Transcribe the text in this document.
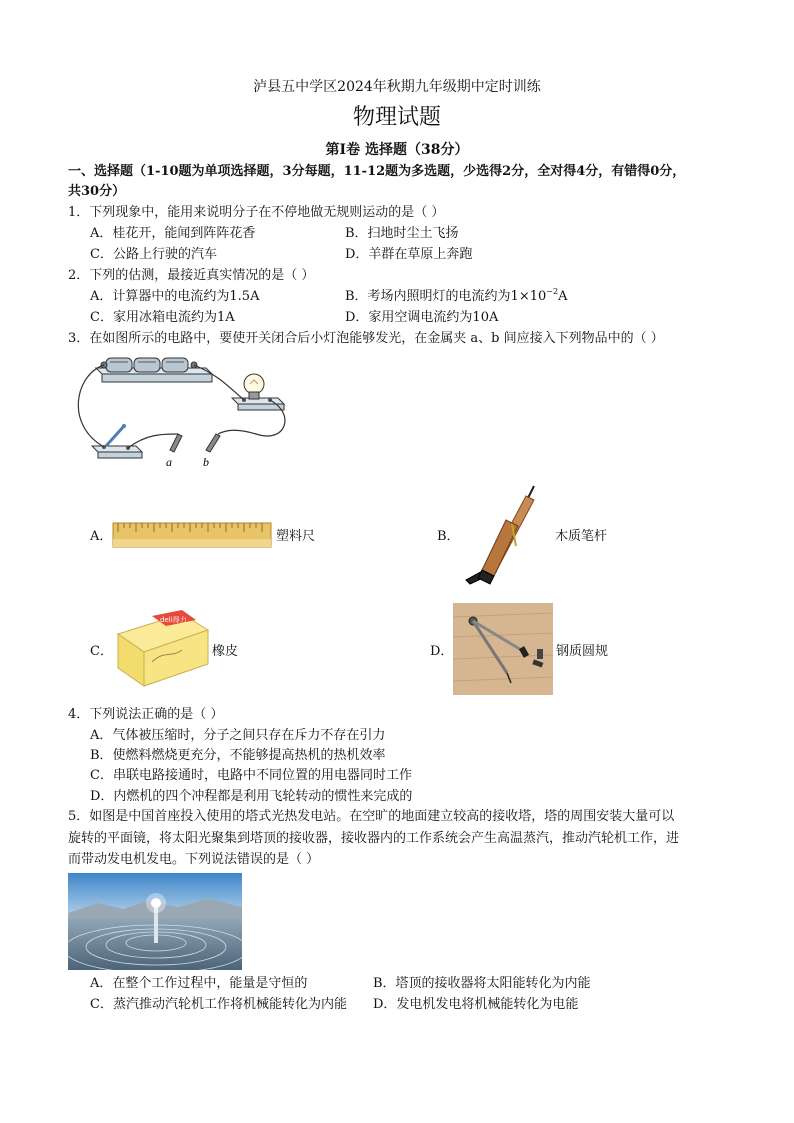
泸县五中学区2024年秋期九年级期中定时训练
物理试题
第Ⅰ卷 选择题（38分）
一、选择题（1-10题为单项选择题，3分每题，11-12题为多选题，少选得2分，全对得4分，有错得0分，
共30分）
1．下列现象中，能用来说明分子在不停地做无规则运动的是（ ）
A．桂花开，能闻到阵阵花香	B．扫地时尘土飞扬
C．公路上行驶的汽车	D．羊群在草原上奔跑
2．下列的估测，最接近真实情况的是（ ）
A．计算器中的电流约为1.5A	B．考场内照明灯的电流约为$1\times 10^{-2}A$
C．家用冰箱电流约为1A	D．家用空调电流约为10A
3．在如图所示的电路中，要使开关闭合后小灯泡能够发光，在金属夹 a、b 间应接入下列物品中的（ ）
a	b
A．	塑料尺	B．	木质笔杆
C．
deli得力
橡皮	D．	钢质圆规
4．下列说法正确的是（ ）
A．气体被压缩时，分子之间只存在斥力不存在引力
B．使燃料燃烧更充分，不能够提高热机的热机效率
C．串联电路接通时，电路中不同位置的用电器同时工作
D．内燃机的四个冲程都是利用飞轮转动的惯性来完成的
5．如图是中国首座投入使用的塔式光热发电站。在空旷的地面建立较高的接收塔，塔的周围安装大量可以
旋转的平面镜，将太阳光聚集到塔顶的接收器，接收器内的工作系统会产生高温蒸汽，推动汽轮机工作，进
而带动发电机发电。下列说法错误的是（ ）
A．在整个工作过程中，能量是守恒的	B．塔顶的接收器将太阳能转化为内能
C．蒸汽推动汽轮机工作将机械能转化为内能 D．发电机发电将机械能转化为电能
